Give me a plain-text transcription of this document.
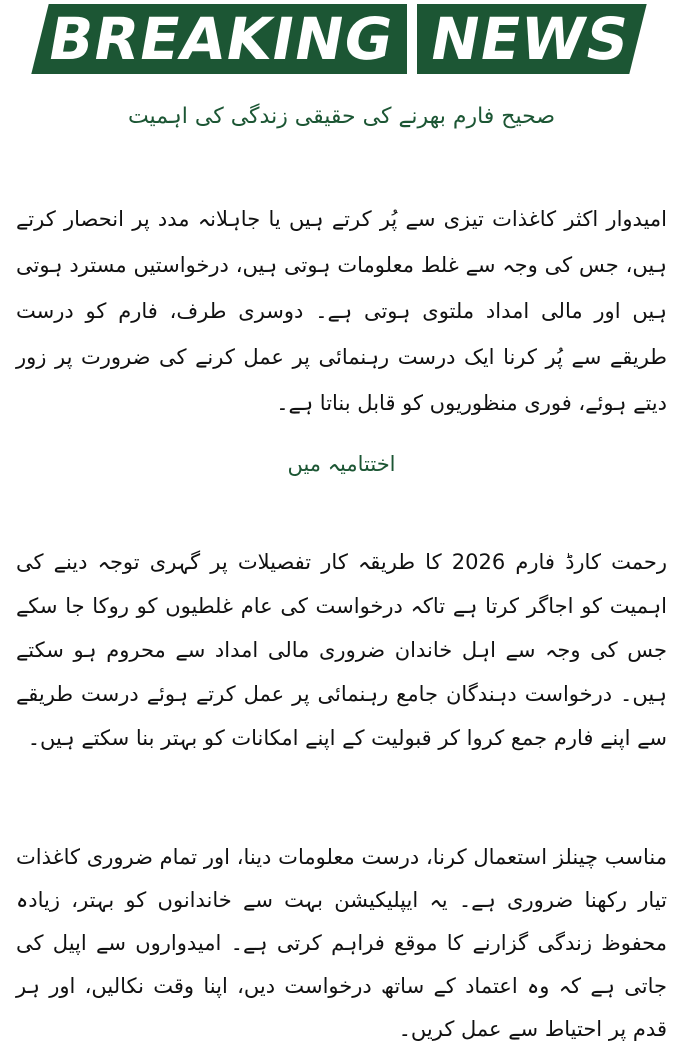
BREAKING NEWS
صحیح فارم بھرنے کی حقیقی زندگی کی اہمیت
امیدوار اکثر کاغذات تیزی سے پُر کرتے ہیں یا جاہلانہ مدد پر انحصار کرتے ہیں، جس کی وجہ سے غلط معلومات ہوتی ہیں، درخواستیں مسترد ہوتی ہیں اور مالی امداد ملتوی ہوتی ہے۔ دوسری طرف، فارم کو درست طریقے سے پُر کرنا ایک درست رہنمائی پر عمل کرنے کی ضرورت پر زور دیتے ہوئے، فوری منظوریوں کو قابل بناتا ہے۔
اختتامیہ میں
رحمت کارڈ فارم 2026 کا طریقہ کار تفصیلات پر گہری توجہ دینے کی اہمیت کو اجاگر کرتا ہے تاکہ درخواست کی عام غلطیوں کو روکا جا سکے جس کی وجہ سے اہل خاندان ضروری مالی امداد سے محروم ہو سکتے ہیں۔ درخواست دہندگان جامع رہنمائی پر عمل کرتے ہوئے درست طریقے سے اپنے فارم جمع کروا کر قبولیت کے اپنے امکانات کو بہتر بنا سکتے ہیں۔
مناسب چینلز استعمال کرنا، درست معلومات دینا، اور تمام ضروری کاغذات تیار رکھنا ضروری ہے۔ یہ ایپلیکیشن بہت سے خاندانوں کو بہتر، زیادہ محفوظ زندگی گزارنے کا موقع فراہم کرتی ہے۔ امیدواروں سے اپیل کی جاتی ہے کہ وہ اعتماد کے ساتھ درخواست دیں، اپنا وقت نکالیں، اور ہر قدم پر احتیاط سے عمل کریں۔
